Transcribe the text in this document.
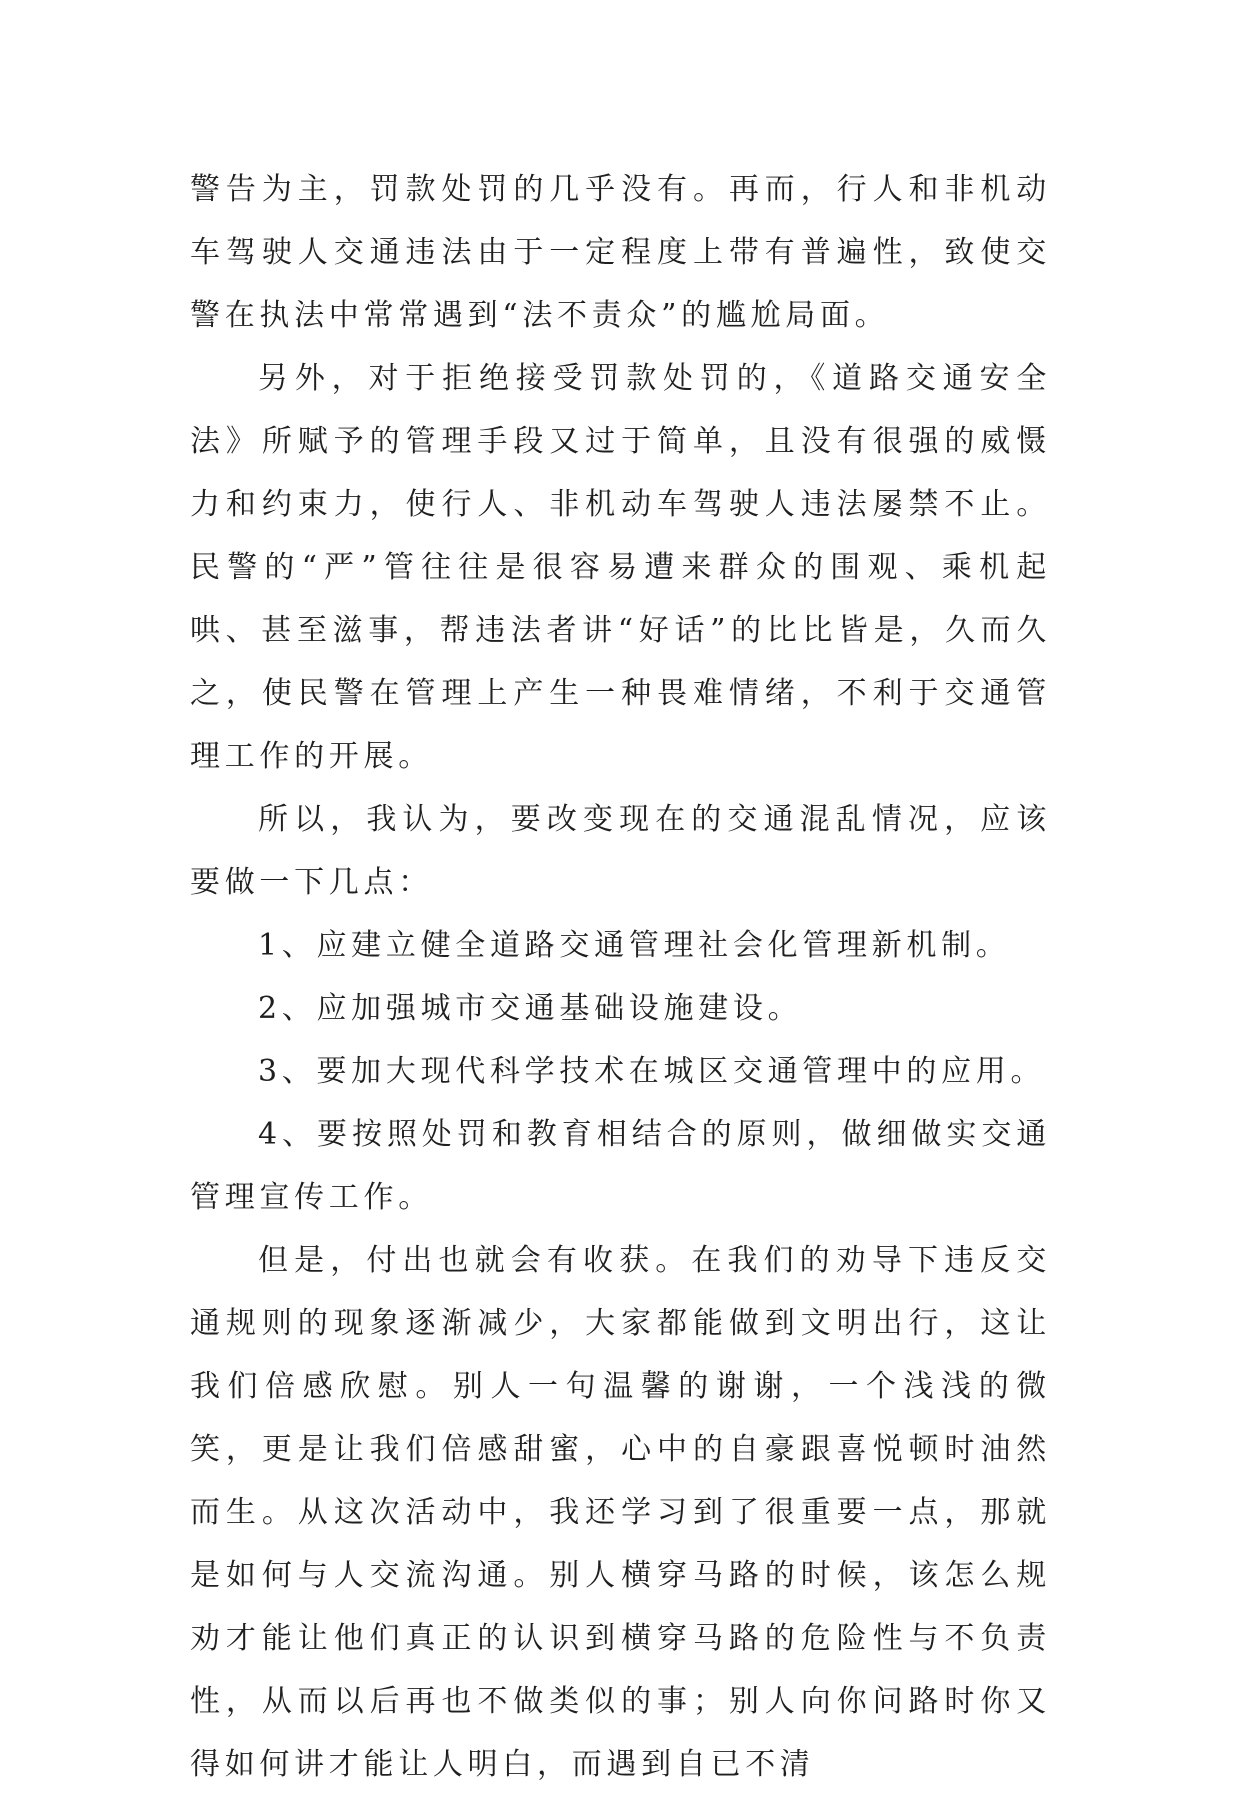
警告为主，罚款处罚的几乎没有。再而，行人和非机动车驾驶人交通违法由于一定程度上带有普遍性，致使交警在执法中常常遇到“法不责众”的尴尬局面。

另外，对于拒绝接受罚款处罚的，《道路交通安全法》所赋予的管理手段又过于简单，且没有很强的威慑力和约束力，使行人、非机动车驾驶人违法屡禁不止。民警的“严”管往往是很容易遭来群众的围观、乘机起哄、甚至滋事，帮违法者讲“好话”的比比皆是，久而久之，使民警在管理上产生一种畏难情绪，不利于交通管理工作的开展。

所以，我认为，要改变现在的交通混乱情况，应该要做一下几点：

1、应建立健全道路交通管理社会化管理新机制。

2、应加强城市交通基础设施建设。

3、要加大现代科学技术在城区交通管理中的应用。

4、要按照处罚和教育相结合的原则，做细做实交通管理宣传工作。

但是，付出也就会有收获。在我们的劝导下违反交通规则的现象逐渐减少，大家都能做到文明出行，这让我们倍感欣慰。别人一句温馨的谢谢，一个浅浅的微笑，更是让我们倍感甜蜜，心中的自豪跟喜悦顿时油然而生。从这次活动中，我还学习到了很重要一点，那就是如何与人交流沟通。别人横穿马路的时候，该怎么规劝才能让他们真正的认识到横穿马路的危险性与不负责性，从而以后再也不做类似的事；别人向你问路时你又得如何讲才能让人明白，而遇到自已不清
